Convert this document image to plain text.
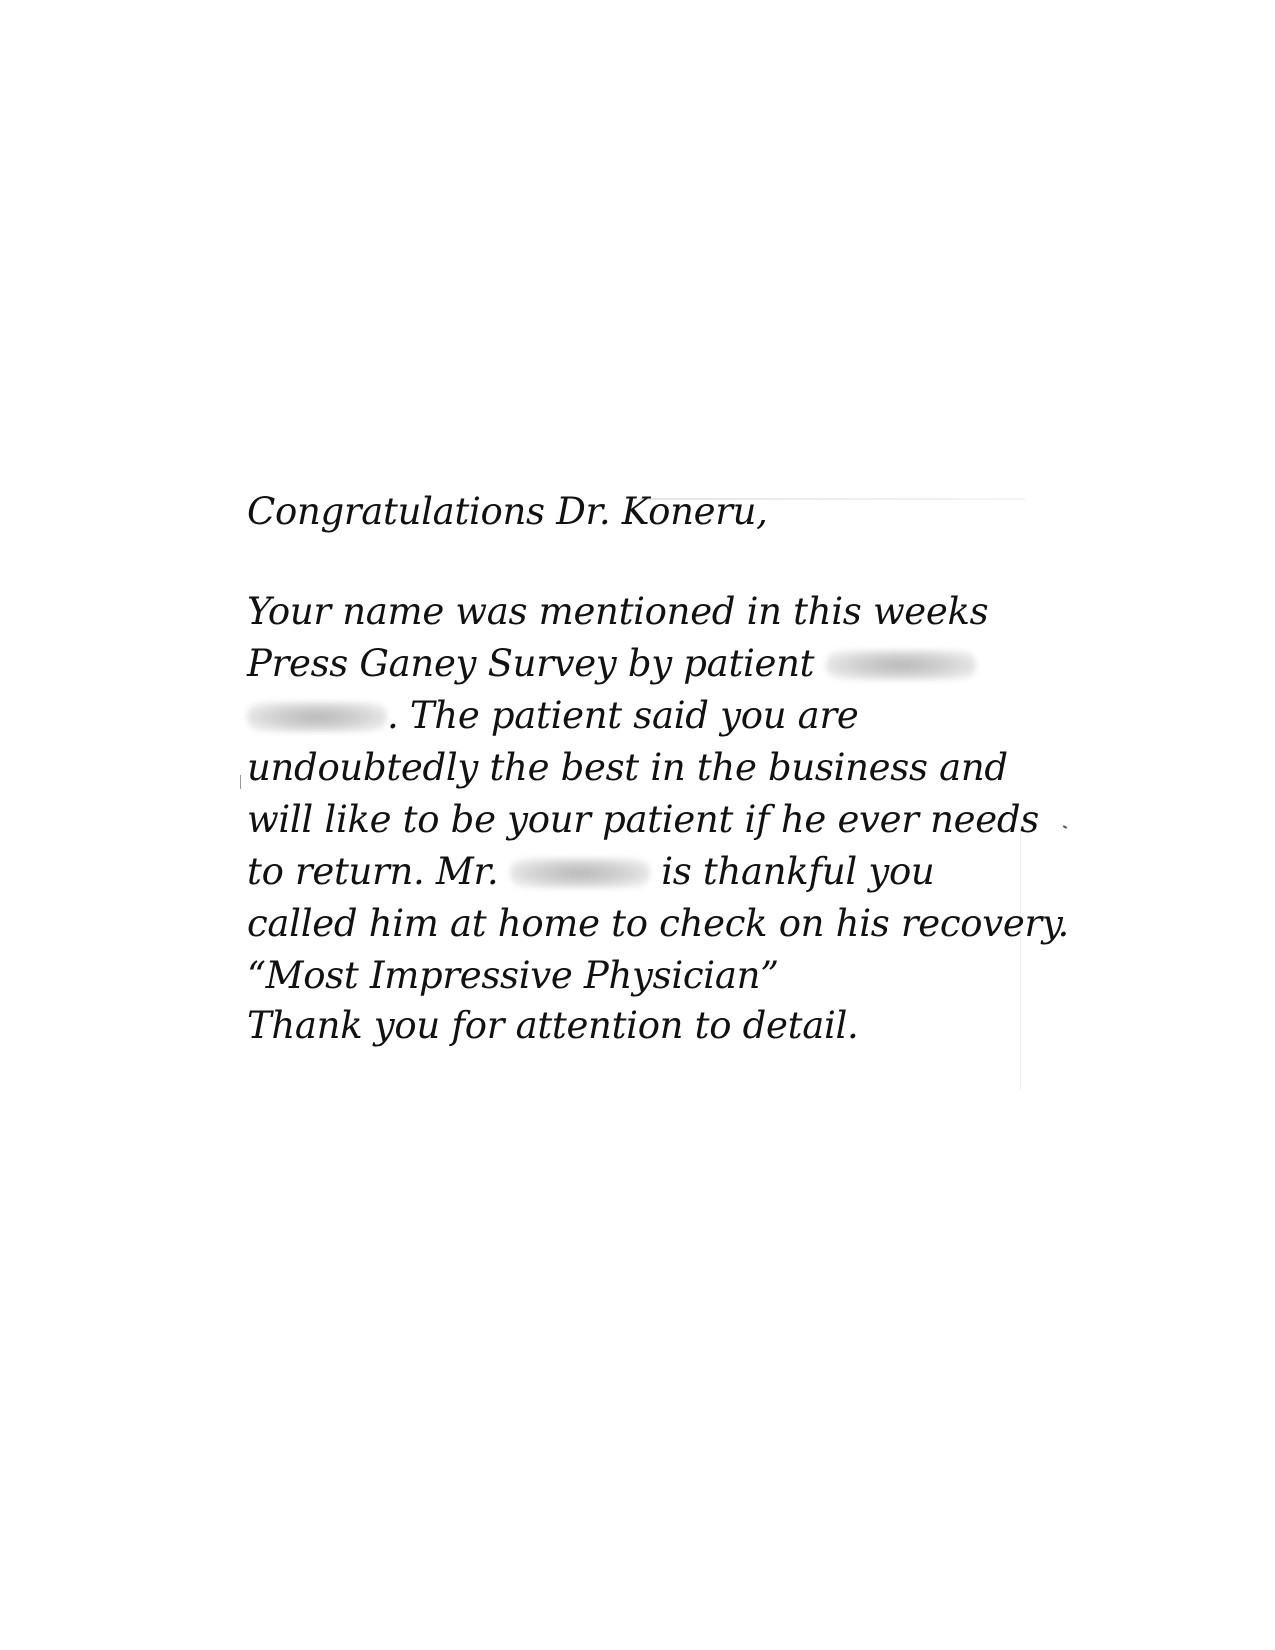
Congratulations Dr. Koneru,
Your name was mentioned in this weeks
Press Ganey Survey by patient
. The patient said you are
undoubtedly the best in the business and
will like to be your patient if he ever needs
to return. Mr.	is thankful you
called him at home to check on his recovery.
“Most Impressive Physician”
Thank you for attention to detail.
